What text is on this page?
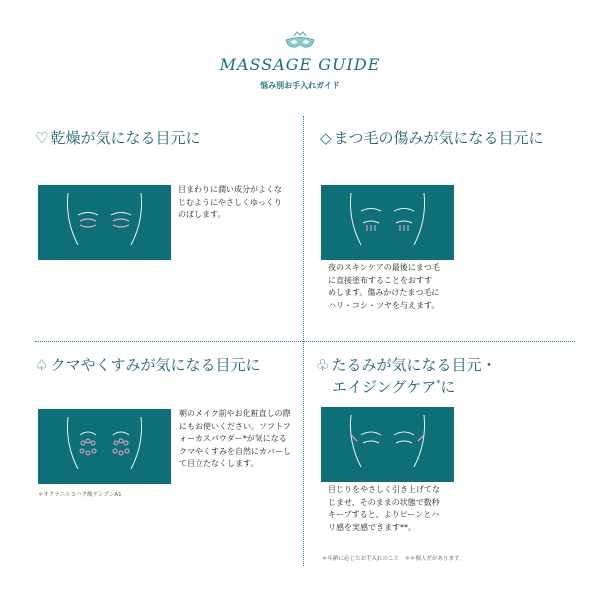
MASSAGE GUIDE
悩み別お手入れガイド
♡ 乾燥が気になる目元に
目まわりに潤い成分がよくなじむようにやさしくゆっくりのばします。
◇ まつ毛の傷みが気になる目元に
夜のスキンケアの最後にまつ毛に直接塗布することをおすすめします。傷みかけたまつ毛にハリ・コシ・ツヤを与えます。
♤ クマやくすみが気になる目元に
朝のメイク前やお化粧直しの際にもお使いください。ソフトフォーカスパウダー*が気になるクマやくすみを自然にカバーして目立たなくします。
＊オクテニルコハク酸デンプンA1
♧ たるみが気になる目元・
エイジングケア*に
目じりをやさしく引き上げてなじませ、そのままの状態で数秒キープすると、よりピーンとハリ感を実感できます**。
＊年齢に応じたお手入れのこと　＊＊個人差があります。
